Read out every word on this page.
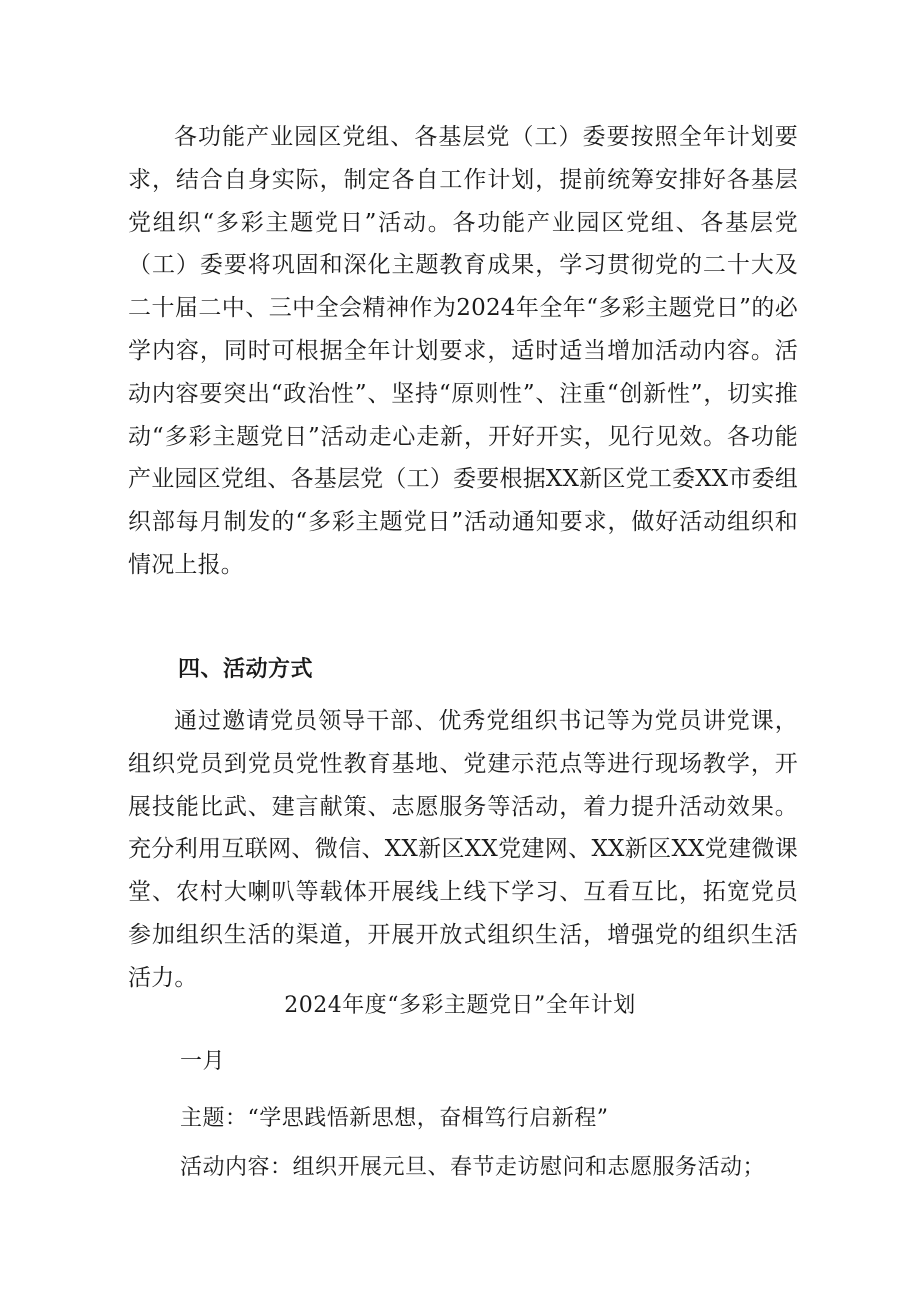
各功能产业园区党组、各基层党（工）委要按照全年计划要求，结合自身实际，制定各自工作计划，提前统筹安排好各基层党组织“多彩主题党日”活动。各功能产业园区党组、各基层党（工）委要将巩固和深化主题教育成果，学习贯彻党的二十大及二十届二中、三中全会精神作为2024年全年“多彩主题党日”的必学内容，同时可根据全年计划要求，适时适当增加活动内容。活动内容要突出“政治性”、坚持“原则性”、注重“创新性”，切实推动“多彩主题党日”活动走心走新，开好开实，见行见效。各功能产业园区党组、各基层党（工）委要根据XX新区党工委XX市委组织部每月制发的“多彩主题党日”活动通知要求，做好活动组织和情况上报。

四、活动方式

通过邀请党员领导干部、优秀党组织书记等为党员讲党课，组织党员到党员党性教育基地、党建示范点等进行现场教学，开展技能比武、建言献策、志愿服务等活动，着力提升活动效果。充分利用互联网、微信、XX新区XX党建网、XX新区XX党建微课堂、农村大喇叭等载体开展线上线下学习、互看互比，拓宽党员参加组织生活的渠道，开展开放式组织生活，增强党的组织生活活力。

2024年度“多彩主题党日”全年计划

一月

主题：“学思践悟新思想，奋楫笃行启新程”

活动内容：组织开展元旦、春节走访慰问和志愿服务活动；
